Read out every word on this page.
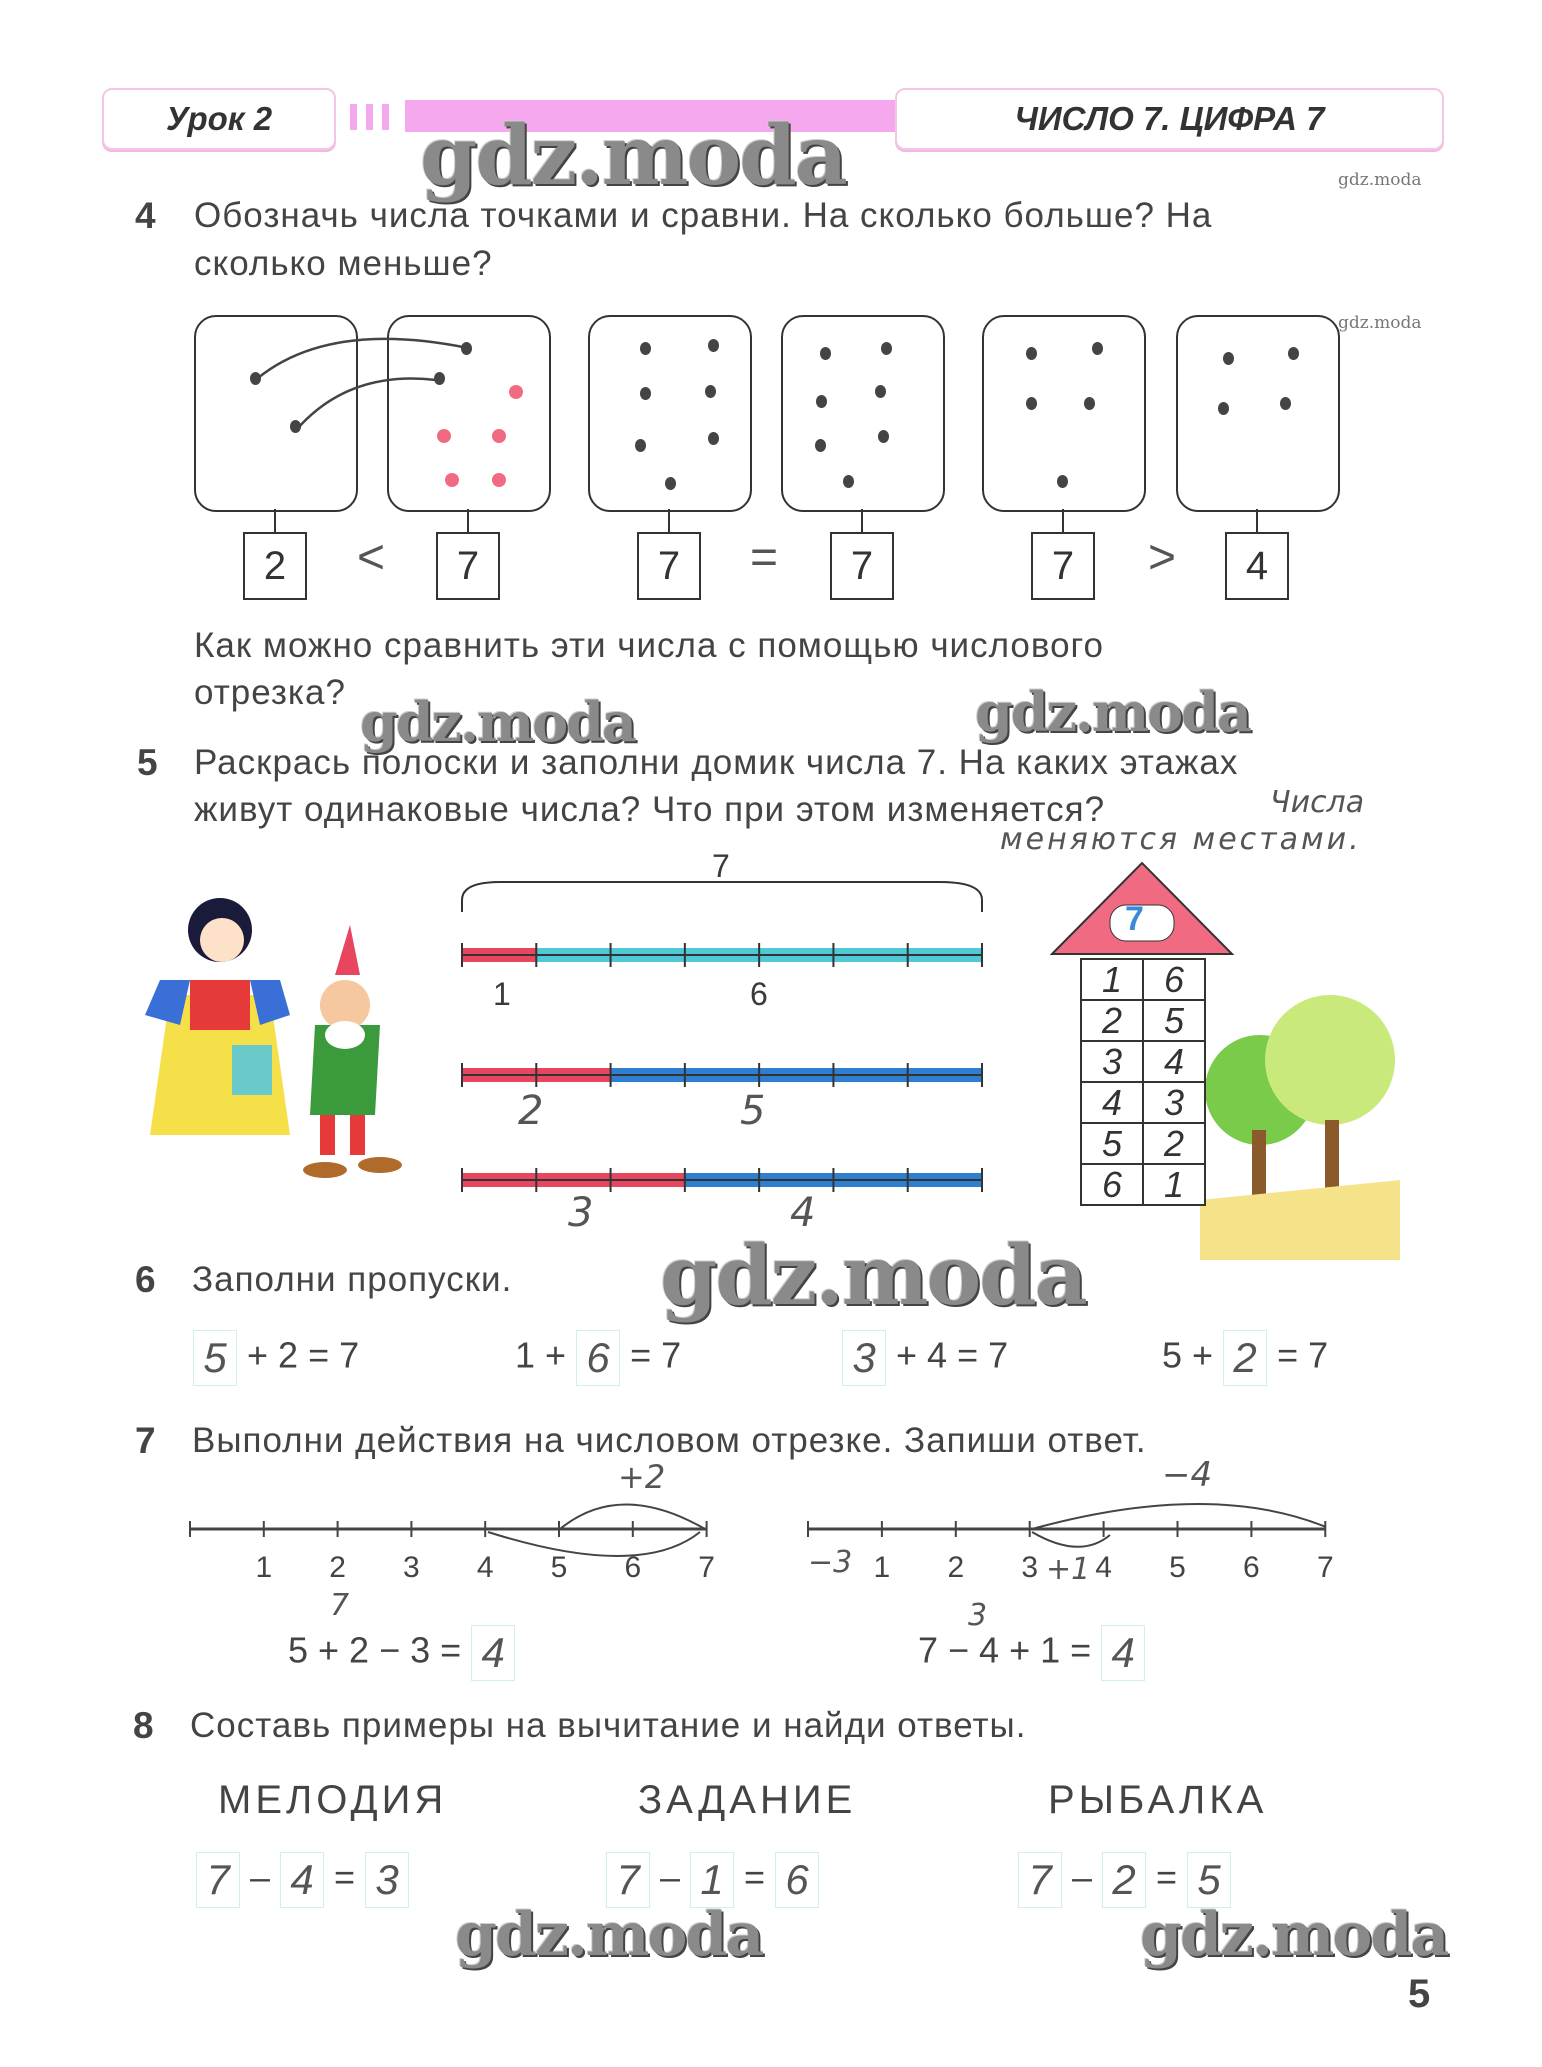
Урок 2	ЧИСЛО 7. ЦИФРА 7
gdz.moda	gdz.moda
gdz.moda
4 Обозначь числа точками и сравни. На сколько больше? На
сколько меньше?
2	<	7	7	=	7	7	>	4
Как можно сравнить эти числа с помощью числового
отрезка? gdz.moda	gdz.moda
5 Раскрась полоски и заполни домик числа 7. На каких этажах
живут одинаковые числа? Что при этом изменяется?	Числа
меняются местами.
7
1	6
2	5
3	4
7
1	6
2	5
3	4
4	3
5	2
6	1
6 Заполни пропуски. gdz.moda
5 + 2 = 7	1 + 6 = 7	3 + 4 = 7	5 + 2 = 7
7 Выполни действия на числовом отрезке. Запиши ответ.
1 2 3 4 5 6 7	1 2 3 4 5 6 7
+2
−3
−4
+1
7
5 + 2 − 3 = 4
3
7 − 4 + 1 = 4
8 Составь примеры на вычитание и найди ответы.
МЕЛОДИЯ	ЗАДАНИЕ	РЫБАЛКА
7 – 4 = 3	7 – 1 = 6	7 – 2 = 5
gdz.moda	gdz.moda
5
